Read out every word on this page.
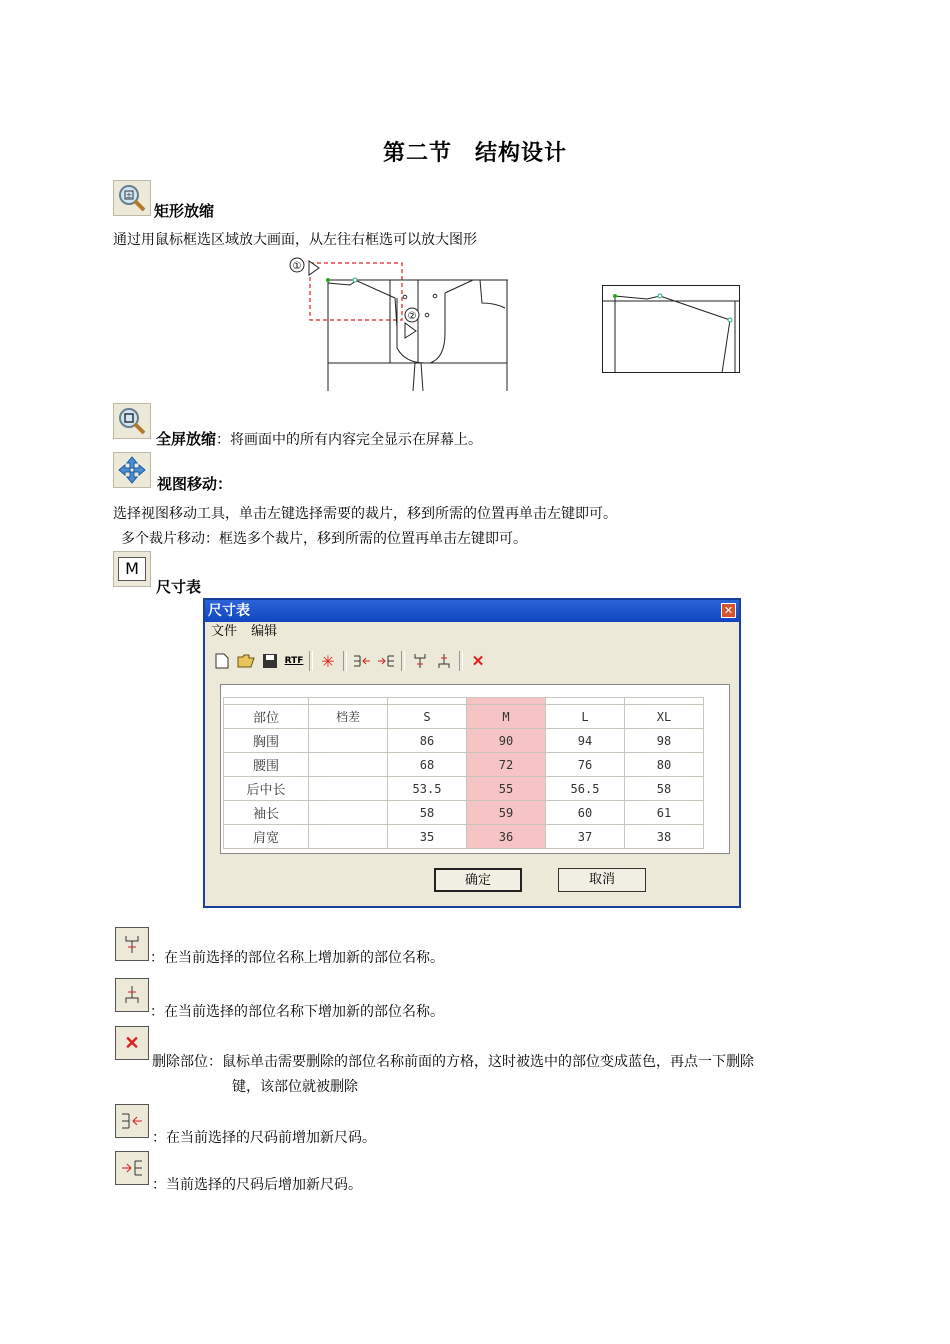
第二节　结构设计
±
矩形放缩
通过用鼠标框选区域放大画面，从左往右框选可以放大图形
①
②
全屏放缩：将画面中的所有内容完全显示在屏幕上。
视图移动：
选择视图移动工具，单击左键选择需要的裁片，移到所需的位置再单击左键即可。
多个裁片移动：框选多个裁片，移到所需的位置再单击左键即可。
M
尺寸表
尺寸表	✕
文件 编辑
RTF ✳	✕

部位	档差	S	M	L	XL
胸围		86	90	94	98
腰围		68	72	76	80
后中长		53.5	55	56.5	58
袖长		58	59	60	61
肩宽		35	36	37	38
确定	取消
：在当前选择的部位名称上增加新的部位名称。
：在当前选择的部位名称下增加新的部位名称。
✕
删除部位：鼠标单击需要删除的部位名称前面的方格，这时被选中的部位变成蓝色，再点一下删除
键，该部位就被删除
：在当前选择的尺码前增加新尺码。
：当前选择的尺码后增加新尺码。
